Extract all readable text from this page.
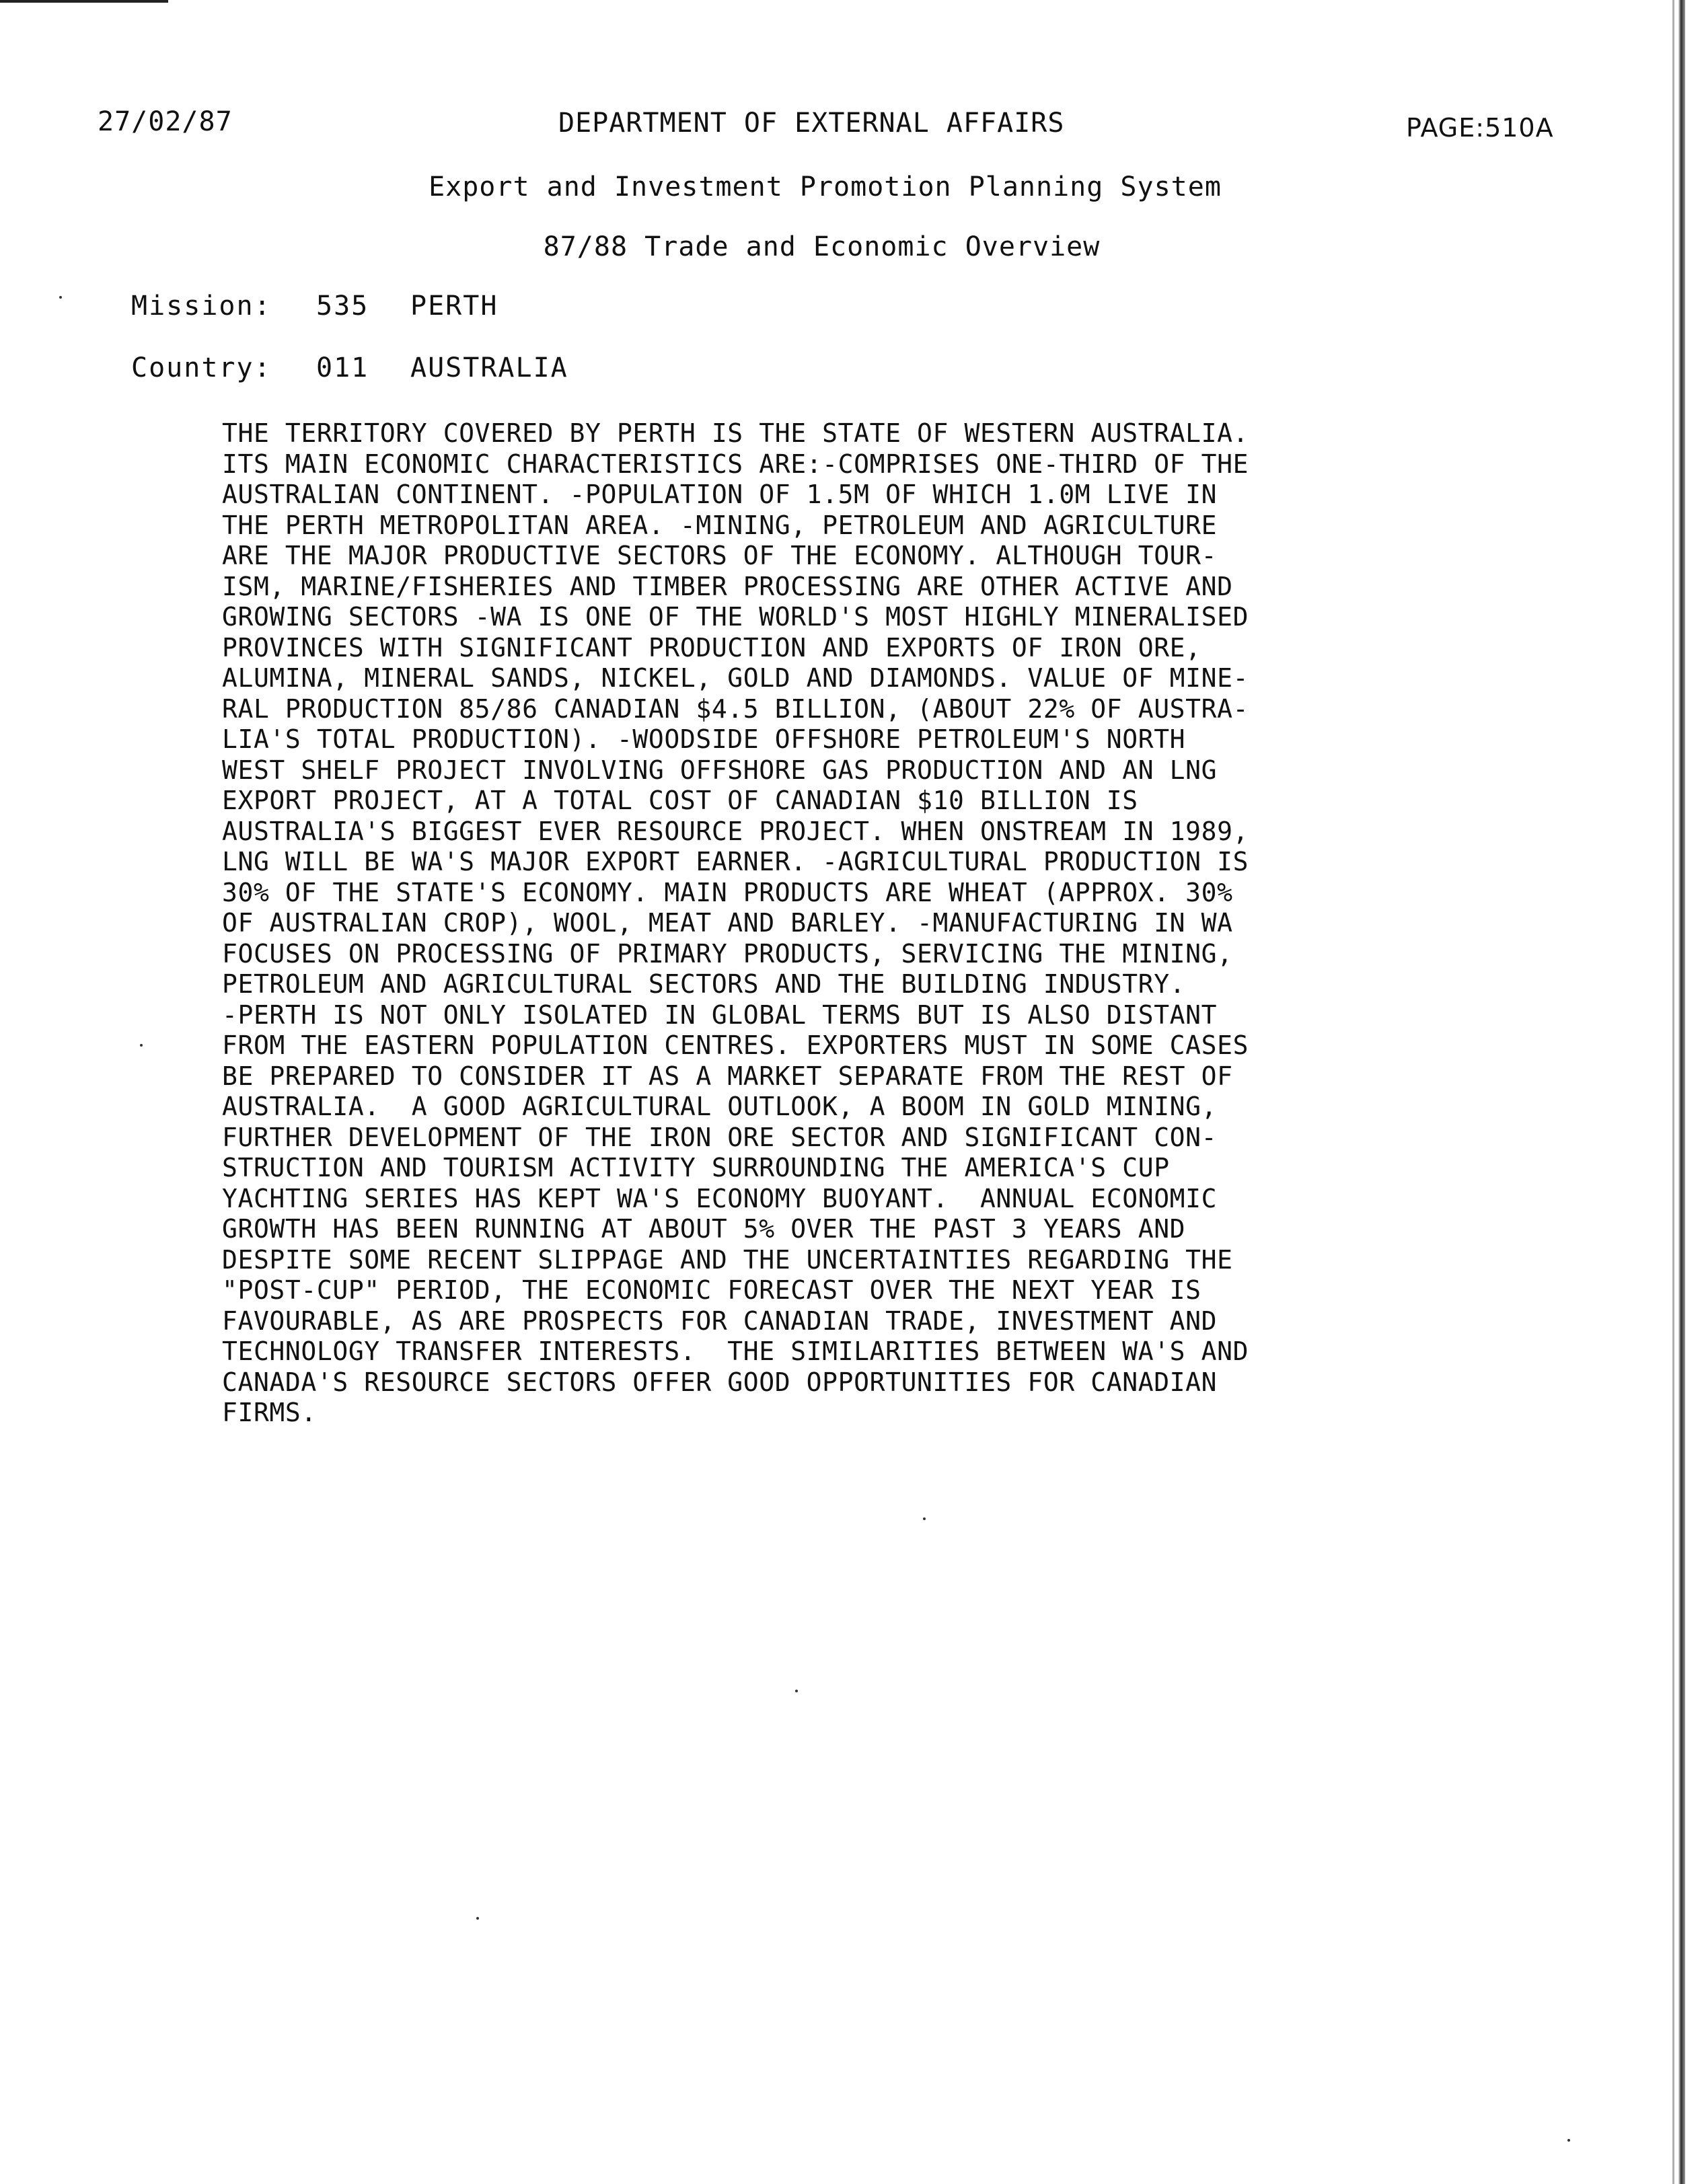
27/02/87	DEPARTMENT OF EXTERNAL AFFAIRS	PAGE:510A
Export and Investment Promotion Planning System
87/88 Trade and Economic Overview
Mission: 535 PERTH
Country: 011 AUSTRALIA
THE TERRITORY COVERED BY PERTH IS THE STATE OF WESTERN AUSTRALIA.
ITS MAIN ECONOMIC CHARACTERISTICS ARE:-COMPRISES ONE-THIRD OF THE
AUSTRALIAN CONTINENT. -POPULATION OF 1.5M OF WHICH 1.0M LIVE IN
THE PERTH METROPOLITAN AREA. -MINING, PETROLEUM AND AGRICULTURE
ARE THE MAJOR PRODUCTIVE SECTORS OF THE ECONOMY. ALTHOUGH TOUR-
ISM, MARINE/FISHERIES AND TIMBER PROCESSING ARE OTHER ACTIVE AND
GROWING SECTORS -WA IS ONE OF THE WORLD'S MOST HIGHLY MINERALISED
PROVINCES WITH SIGNIFICANT PRODUCTION AND EXPORTS OF IRON ORE,
ALUMINA, MINERAL SANDS, NICKEL, GOLD AND DIAMONDS. VALUE OF MINE-
RAL PRODUCTION 85/86 CANADIAN $4.5 BILLION, (ABOUT 22% OF AUSTRA-
LIA'S TOTAL PRODUCTION). -WOODSIDE OFFSHORE PETROLEUM'S NORTH
WEST SHELF PROJECT INVOLVING OFFSHORE GAS PRODUCTION AND AN LNG
EXPORT PROJECT, AT A TOTAL COST OF CANADIAN $10 BILLION IS
AUSTRALIA'S BIGGEST EVER RESOURCE PROJECT. WHEN ONSTREAM IN 1989,
LNG WILL BE WA'S MAJOR EXPORT EARNER. -AGRICULTURAL PRODUCTION IS
30% OF THE STATE'S ECONOMY. MAIN PRODUCTS ARE WHEAT (APPROX. 30%
OF AUSTRALIAN CROP), WOOL, MEAT AND BARLEY. -MANUFACTURING IN WA
FOCUSES ON PROCESSING OF PRIMARY PRODUCTS, SERVICING THE MINING,
PETROLEUM AND AGRICULTURAL SECTORS AND THE BUILDING INDUSTRY.
-PERTH IS NOT ONLY ISOLATED IN GLOBAL TERMS BUT IS ALSO DISTANT
FROM THE EASTERN POPULATION CENTRES. EXPORTERS MUST IN SOME CASES
BE PREPARED TO CONSIDER IT AS A MARKET SEPARATE FROM THE REST OF
AUSTRALIA.  A GOOD AGRICULTURAL OUTLOOK, A BOOM IN GOLD MINING,
FURTHER DEVELOPMENT OF THE IRON ORE SECTOR AND SIGNIFICANT CON-
STRUCTION AND TOURISM ACTIVITY SURROUNDING THE AMERICA'S CUP
YACHTING SERIES HAS KEPT WA'S ECONOMY BUOYANT.  ANNUAL ECONOMIC
GROWTH HAS BEEN RUNNING AT ABOUT 5% OVER THE PAST 3 YEARS AND
DESPITE SOME RECENT SLIPPAGE AND THE UNCERTAINTIES REGARDING THE
"POST-CUP" PERIOD, THE ECONOMIC FORECAST OVER THE NEXT YEAR IS
FAVOURABLE, AS ARE PROSPECTS FOR CANADIAN TRADE, INVESTMENT AND
TECHNOLOGY TRANSFER INTERESTS.  THE SIMILARITIES BETWEEN WA'S AND
CANADA'S RESOURCE SECTORS OFFER GOOD OPPORTUNITIES FOR CANADIAN
FIRMS.
